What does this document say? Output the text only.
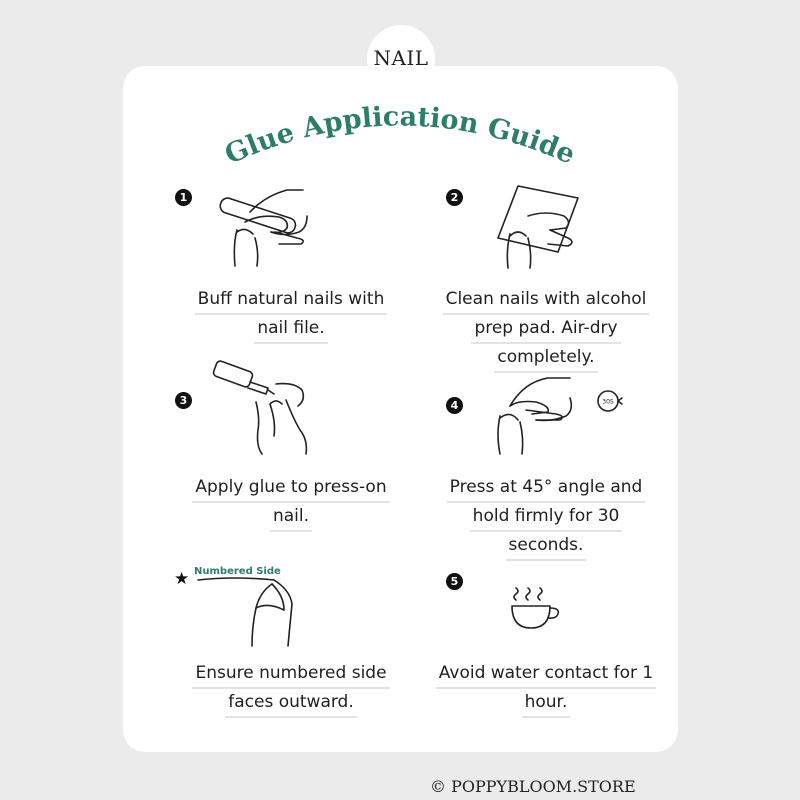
NAIL
Glue Application Guide
1
Buff natural nails with
nail file.
2
Clean nails with alcohol
prep pad. Air-dry
completely.
3
Apply glue to press-on
nail.
4	30S
Press at 45° angle and
hold firmly for 30
seconds.
★ Numbered Side
Ensure numbered side
faces outward.
5
Avoid water contact for 1
hour.
© POPPYBLOOM.STORE
